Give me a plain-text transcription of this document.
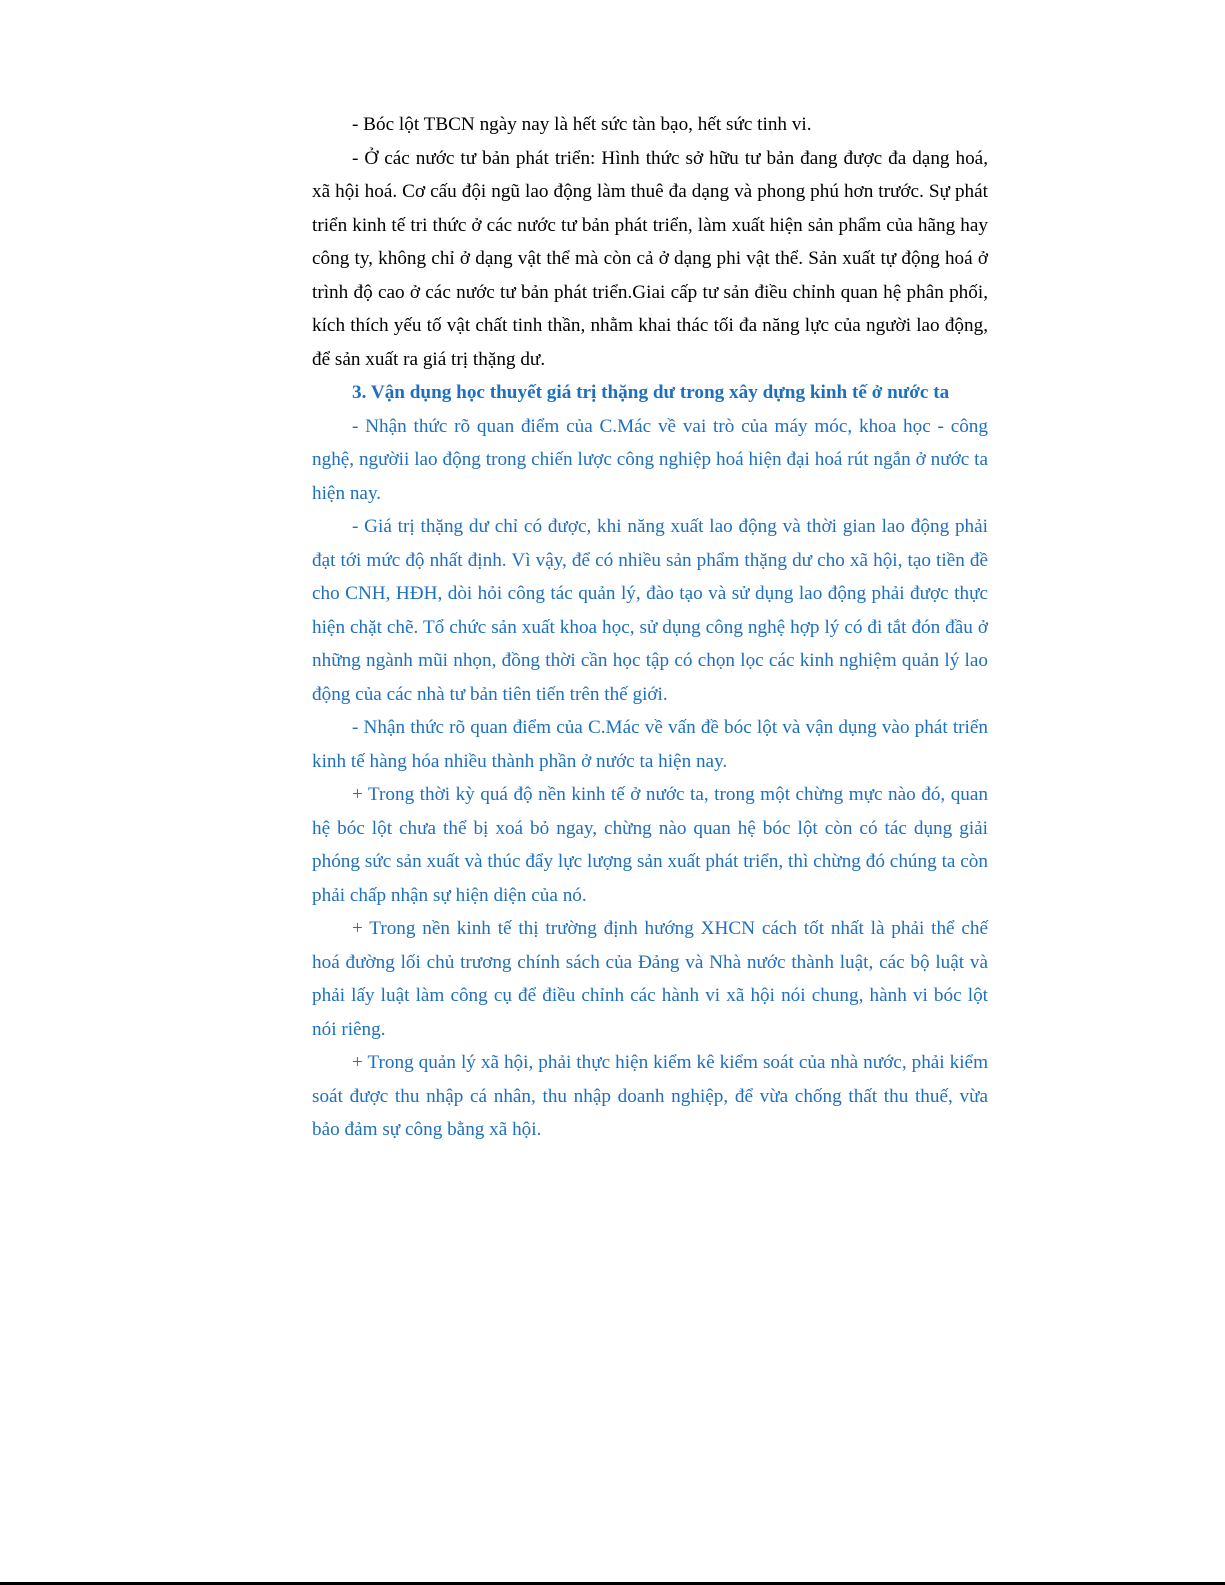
- Bóc lột TBCN ngày nay là hết sức tàn bạo, hết sức tinh vi.

- Ở các nước tư bản phát triển: Hình thức sở hữu tư bản đang được đa dạng hoá, xã hội hoá. Cơ cấu đội ngũ lao động làm thuê đa dạng và phong phú hơn trước. Sự phát triển kinh tế tri thức ở các nước tư bản phát triển, làm xuất hiện sản phẩm của hãng hay công ty, không chỉ ở dạng vật thể mà còn cả ở dạng phi vật thể. Sản xuất tự động hoá ở trình độ cao ở các nước tư bản phát triển.Giai cấp tư sản điều chỉnh quan hệ phân phối, kích thích yếu tố vật chất tinh thần, nhằm khai thác tối đa năng lực của người lao động, để sản xuất ra giá trị thặng dư.

3. Vận dụng học thuyết giá trị thặng dư trong xây dựng kinh tế ở nước ta

- Nhận thức rõ quan điểm của C.Mác về vai trò của máy móc, khoa học - công nghệ, ngườii lao động trong chiến lược công nghiệp hoá hiện đại hoá rút ngắn ở nước ta hiện nay.

- Giá trị thặng dư chỉ có được, khi năng xuất lao động và thời gian lao động phải đạt tới mức độ nhất định. Vì vậy, để có nhiều sản phẩm thặng dư cho xã hội, tạo tiền đề cho CNH, HĐH, dòi hỏi công tác quản lý, đào tạo và sử dụng lao động phải được thực hiện chặt chẽ. Tổ chức sản xuất khoa học, sử dụng công nghệ hợp lý có đi tắt đón đầu ở những ngành mũi nhọn, đồng thời cần học tập có chọn lọc các kinh nghiệm quản lý lao động của các nhà tư bản tiên tiến trên thế giới.

- Nhận thức rõ quan điểm của C.Mác về vấn đề bóc lột và vận dụng vào phát triển kinh tế hàng hóa nhiều thành phần ở nước ta hiện nay.

+ Trong thời kỳ quá độ nền kinh tế ở nước ta, trong một chừng mực nào đó, quan hệ bóc lột chưa thể bị xoá bỏ ngay, chừng nào quan hệ bóc lột còn có tác dụng giải phóng sức sản xuất và thúc đẩy lực lượng sản xuất phát triển, thì chừng đó chúng ta còn phải chấp nhận sự hiện diện của nó.

+ Trong nền kinh tế thị trường định hướng XHCN cách tốt nhất là phải thể chế hoá đường lối chủ trương chính sách của Đảng và Nhà nước thành luật, các bộ luật và phải lấy luật làm công cụ để điều chỉnh các hành vi xã hội nói chung, hành vi bóc lột nói riêng.

+ Trong quản lý xã hội, phải thực hiện kiểm kê kiểm soát của nhà nước, phải kiểm soát được thu nhập cá nhân, thu nhập doanh nghiệp, để vừa chống thất thu thuế, vừa bảo đảm sự công bằng xã hội.
